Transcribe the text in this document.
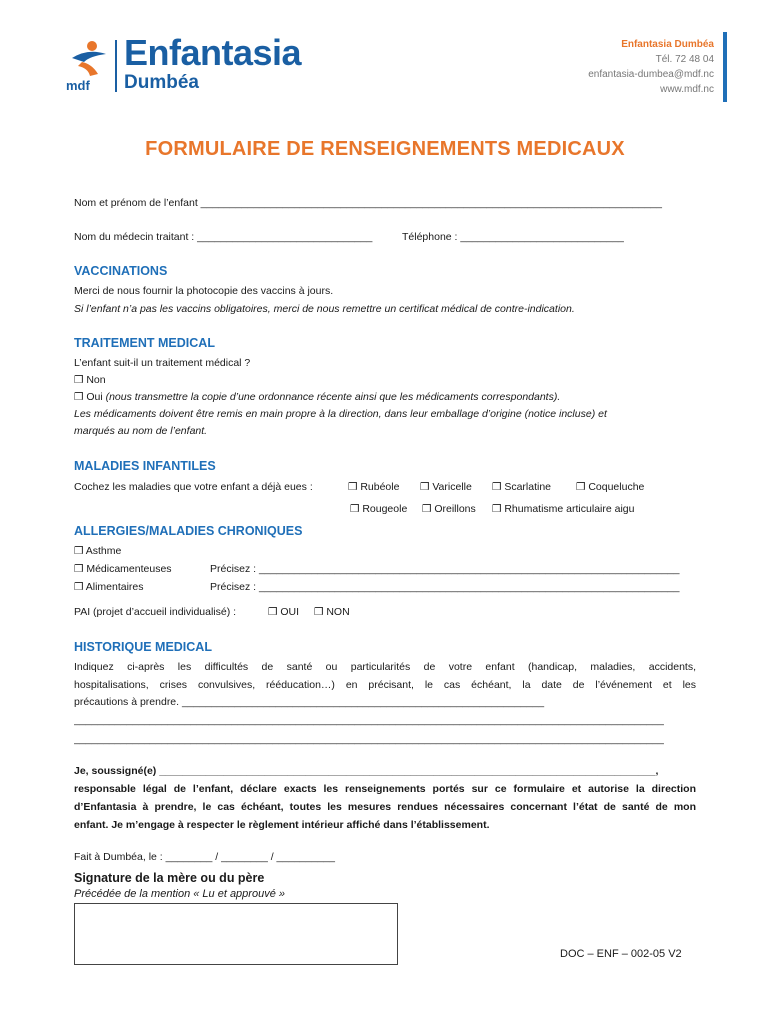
mdf
Enfantasia
Dumbéa
Enfantasia Dumbéa
Tél. 72 48 04
enfantasia-dumbea@mdf.nc
www.mdf.nc
FORMULAIRE DE RENSEIGNEMENTS MEDICAUX
Nom et prénom de l’enfant _______________________________________________________________________________
Nom du médecin traitant : ______________________________	Téléphone : ____________________________
VACCINATIONS
Merci de nous fournir la photocopie des vaccins à jours.
Si l’enfant n’a pas les vaccins obligatoires, merci de nous remettre un certificat médical de contre-indication.
TRAITEMENT MEDICAL
L’enfant suit-il un traitement médical ?
❒ Non
❒ Oui (nous transmettre la copie d’une ordonnance récente ainsi que les médicaments correspondants).
Les médicaments doivent être remis en main propre à la direction, dans leur emballage d’origine (notice incluse) et
marqués au nom de l’enfant.
MALADIES INFANTILES
Cochez les maladies que votre enfant a déjà eues :	❒ Rubéole ❒ Varicelle ❒ Scarlatine ❒ Coqueluche
❒ Rougeole ❒ Oreillons ❒ Rhumatisme articulaire aigu
ALLERGIES/MALADIES CHRONIQUES
❒ Asthme
❒ Médicamenteuses	Précisez : ________________________________________________________________________
❒ Alimentaires	Précisez : ________________________________________________________________________
PAI (projet d’accueil individualisé) :	❒ OUI ❒ NON
HISTORIQUE MEDICAL
Indiquez ci-après les difficultés de santé ou particularités de votre enfant (handicap, maladies, accidents,
hospitalisations, crises convulsives, rééducation…) en précisant, le cas échéant, la date de l’événement et les
précautions à prendre. ______________________________________________________________
_____________________________________________________________________________________________________
_____________________________________________________________________________________________________
Je, soussigné(e) _____________________________________________________________________________________,
responsable légal de l’enfant, déclare exacts les renseignements portés sur ce formulaire et autorise la direction
d’Enfantasia à prendre, le cas échéant, toutes les mesures rendues nécessaires concernant l’état de santé de mon
enfant. Je m’engage à respecter le règlement intérieur affiché dans l’établissement.
Fait à Dumbéa, le : ________ / ________ / __________
Signature de la mère ou du père
Précédée de la mention « Lu et approuvé »
DOC – ENF – 002-05 V2
